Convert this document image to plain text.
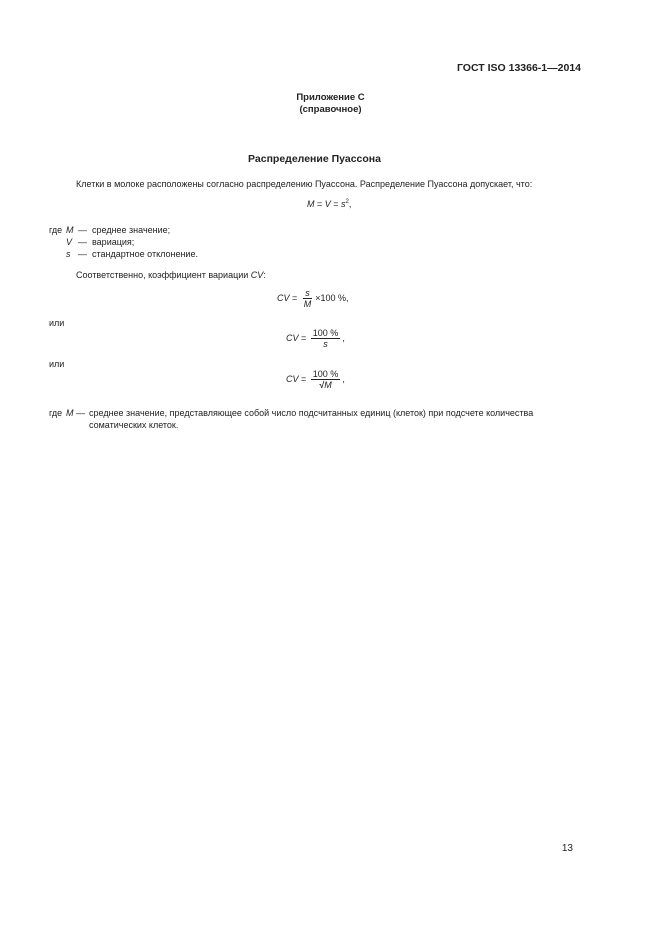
ГОСТ ISO 13366-1—2014
Приложение С
(справочное)
Распределение Пуассона
Клетки в молоке расположены согласно распределению Пуассона. Распределение Пуассона допускает, что:
$M = V = s^2$,
где M — среднее значение;
V — вариация;
s — стандартное отклонение.
Соответственно, коэффициент вариации CV:
CV = $\frac{s}{M} \times 100$ %,
или
CV = $\frac{100 \%}{s}$ ,
или
CV = $\frac{100 \%}{√M}$ ,
где M — среднее значение, представляющее собой число подсчитанных единиц (клеток) при подсчете количества
соматических клеток.
13
